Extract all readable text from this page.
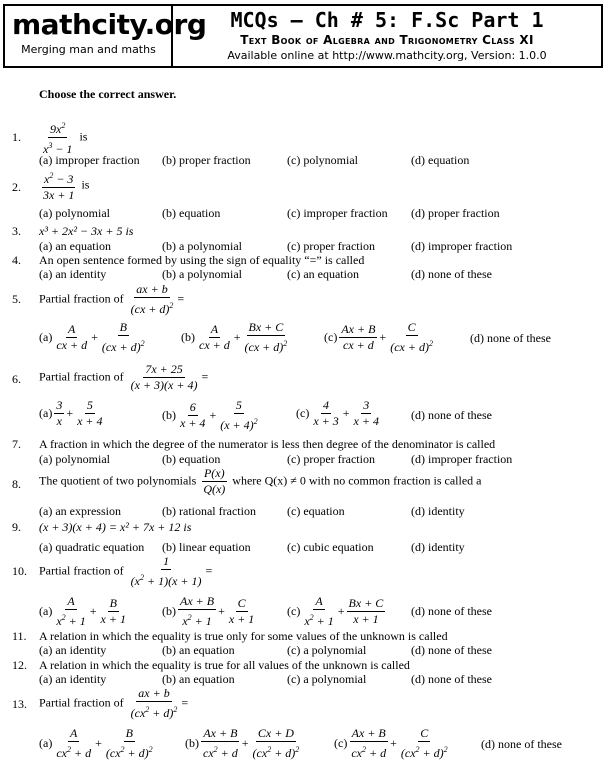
mathcity.org
Merging man and maths
MCQs – Ch # 5: F.Sc Part 1
Text Book of Algebra and Trigonometry Class XI
Available online at http://www.mathcity.org, Version: 1.0.0
Choose the correct answer.
1. $\frac{9x^2}{x^3 - 1}$ is
(a) improper fraction (b) proper fraction	(c) polynomial	(d) equation
2. $\frac{x^2 - 3}{3x + 1}$ is
(a) polynomial	(b) equation	(c) improper fraction (d) proper fraction
3. x³ + 2x² − 3x + 5 is
(a) an equation	(b) a polynomial	(c) proper fraction	(d) improper fraction
4. An open sentence formed by using the sign of equality “=” is called
(a) an identity	(b) a polynomial	(c) an equation	(d) none of these
5. Partial fraction of $\frac{ax + b}{(cx + d)^2}$ =
$(a) \frac{A}{cx + d} + \frac{B}{(cx + d)^2}$	$(b) \frac{A}{cx + d} + \frac{Bx + C}{(cx + d)^2}$	$(c) \frac{Ax + B}{cx + d} + \frac{C}{(cx + d)^2}$	(d) none of these
6. Partial fraction of $\frac{7x + 25}{(x + 3)(x + 4)}$ =
$(a) \frac{3}{x} + \frac{5}{x + 4}$	$(b) \frac{6}{x + 4} + \frac{5}{(x + 4)^2}$	$(c) \frac{4}{x + 3} + \frac{3}{x + 4}$	(d) none of these
7. A fraction in which the degree of the numerator is less then degree of the denominator is called
(a) polynomial	(b) equation	(c) proper fraction	(d) improper fraction
8. The quotient of two polynomials $\frac{P(x)}{Q(x)}$ where Q(x) ≠ 0 with no common fraction is called a
(a) an expression	(b) rational fraction	(c) equation	(d) identity
9. (x + 3)(x + 4) = x² + 7x + 12 is
(a) quadratic equation (b) linear equation	(c) cubic equation	(d) identity
10. Partial fraction of $\frac{1}{(x^2 + 1)(x + 1)}$ =
$(a) \frac{A}{x^2 + 1} + \frac{B}{x + 1}$	$(b) \frac{Ax + B}{x^2 + 1} + \frac{C}{x + 1}$	$(c) \frac{A}{x^2 + 1} + \frac{Bx + C}{x + 1} (d)$ none of these
11. A relation in which the equality is true only for some values of the unknown is called
(a) an identity	(b) an equation	(c) a polynomial	(d) none of these
12. A relation in which the equality is true for all values of the unknown is called
(a) an identity	(b) an equation	(c) a polynomial	(d) none of these
13. Partial fraction of $\frac{ax + b}{(cx^2 + d)^2}$ =
$(a) \frac{A}{cx^2 + d} + \frac{B}{(cx^2 + d)^2}$	$(b) \frac{Ax + B}{cx^2 + d} + \frac{Cx + D}{(cx^2 + d)^2}$	$(c) \frac{Ax + B}{cx^2 + d} + \frac{C}{(cx^2 + d)^2}$	(d) none of these
